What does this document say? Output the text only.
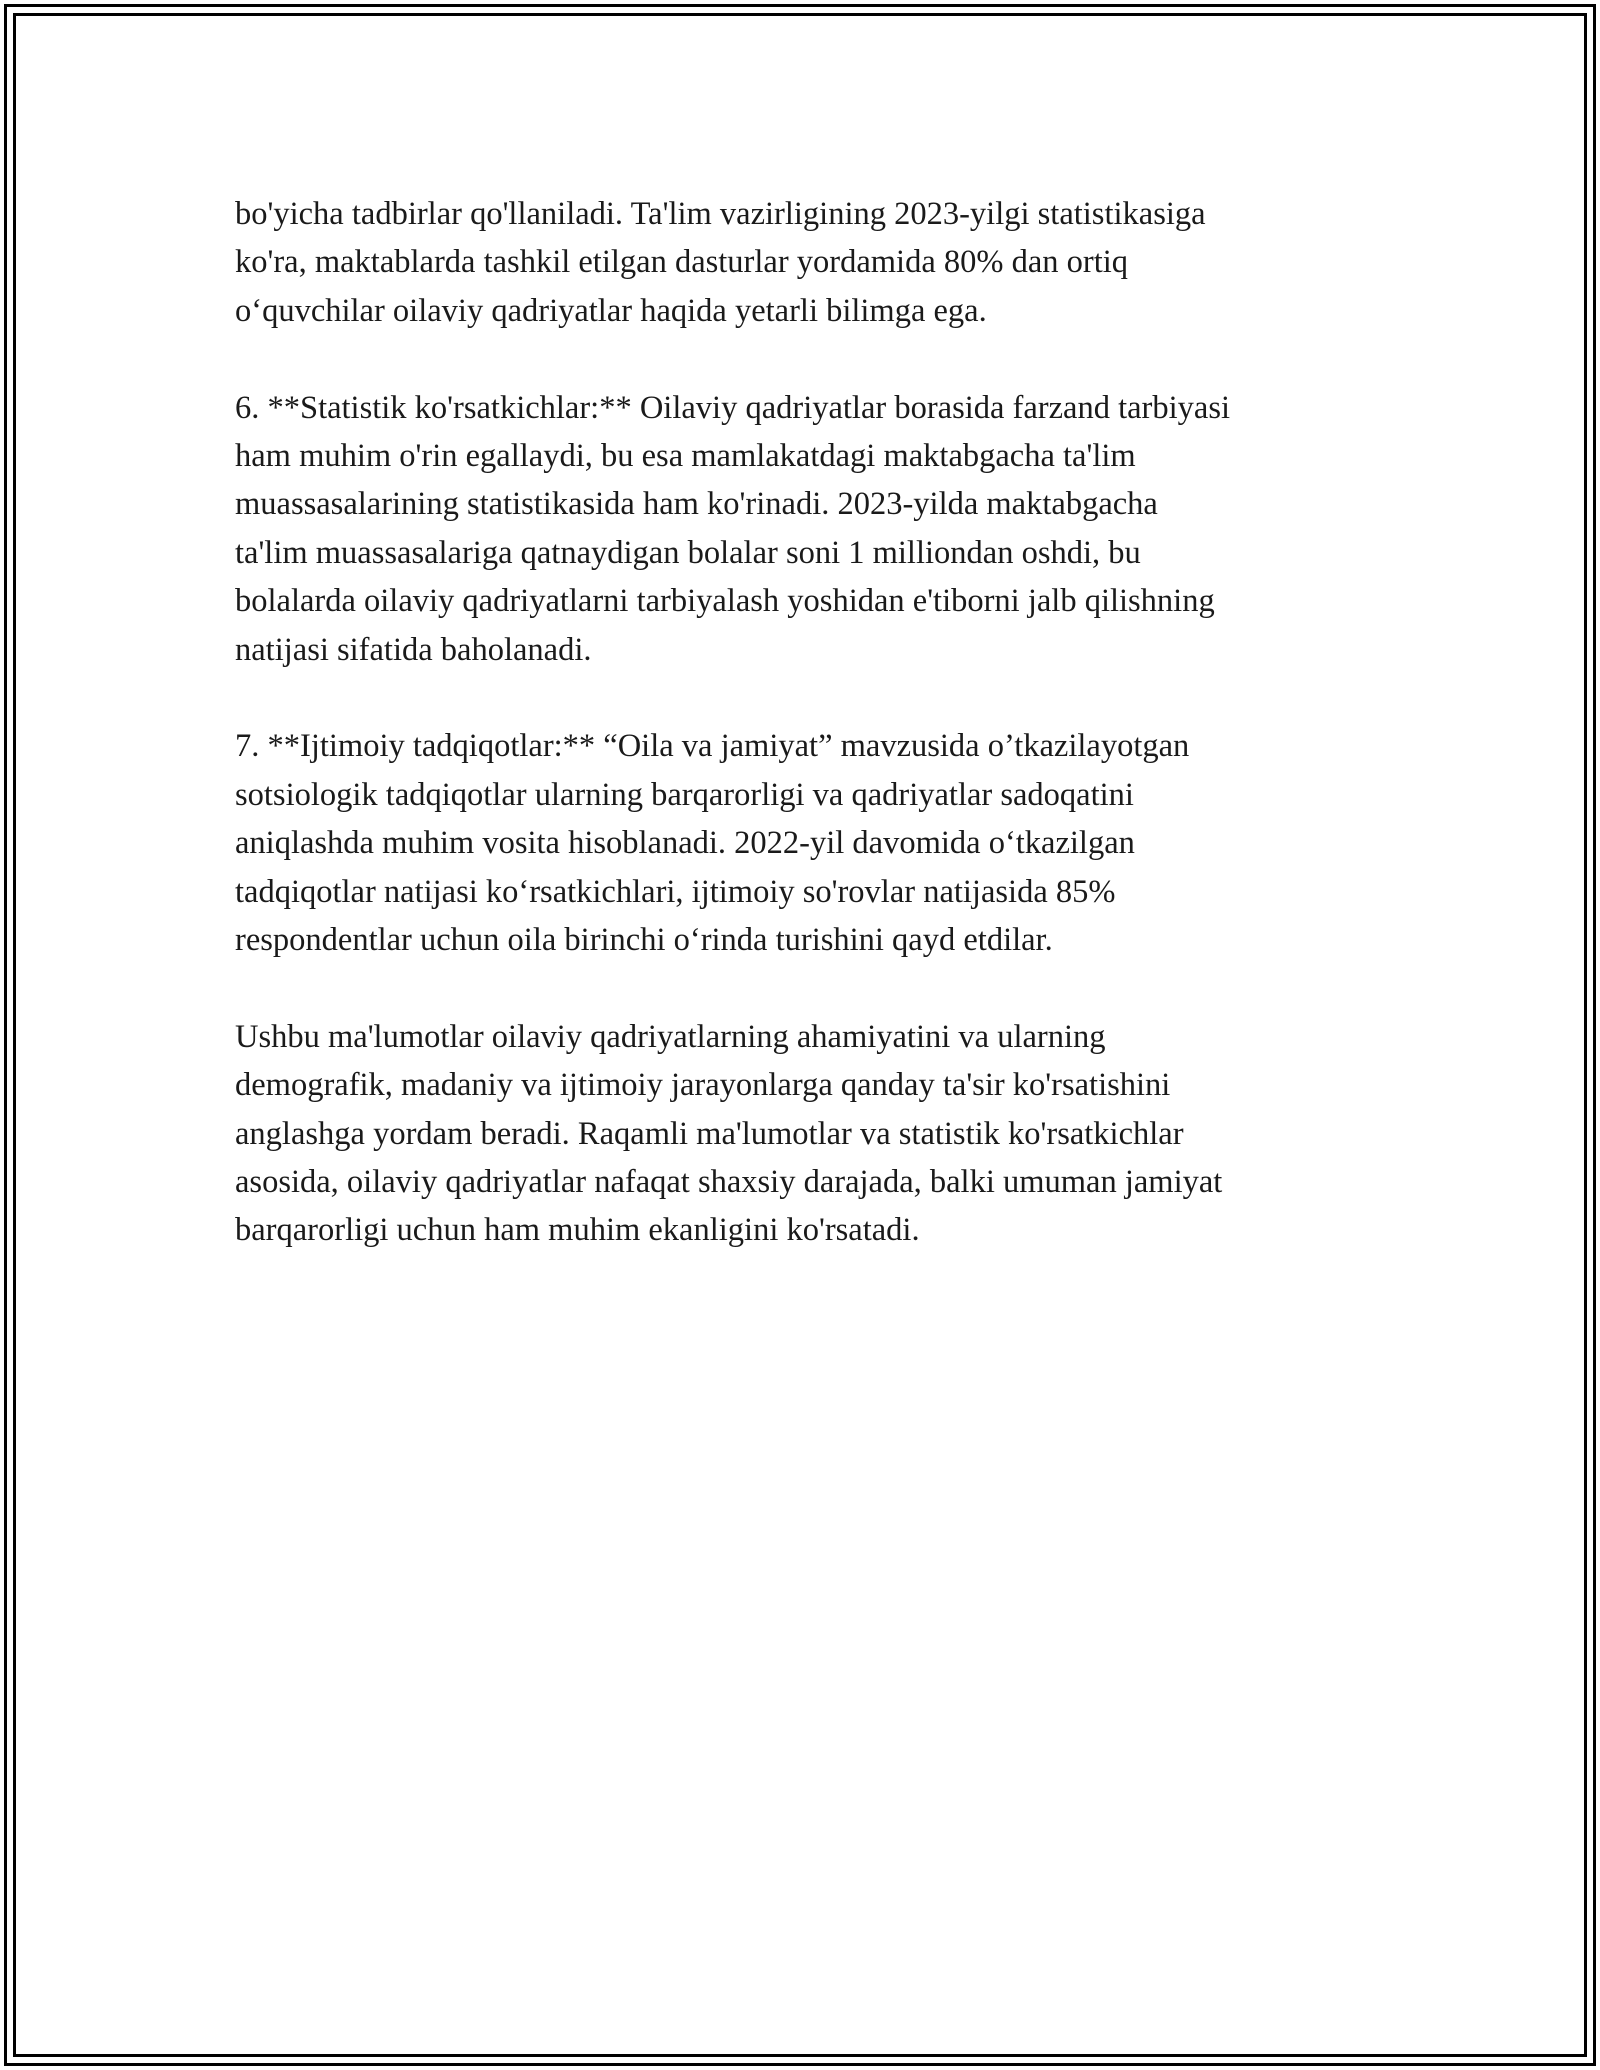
bo'yicha tadbirlar qo'llaniladi. Ta'lim vazirligining 2023-yilgi statistikasiga
ko'ra, maktablarda tashkil etilgan dasturlar yordamida 80% dan ortiq
o‘quvchilar oilaviy qadriyatlar haqida yetarli bilimga ega.

6. **Statistik ko'rsatkichlar:** Oilaviy qadriyatlar borasida farzand tarbiyasi
ham muhim o'rin egallaydi, bu esa mamlakatdagi maktabgacha ta'lim
muassasalarining statistikasida ham ko'rinadi. 2023-yilda maktabgacha
ta'lim muassasalariga qatnaydigan bolalar soni 1 milliondan oshdi, bu
bolalarda oilaviy qadriyatlarni tarbiyalash yoshidan e'tiborni jalb qilishning
natijasi sifatida baholanadi.

7. **Ijtimoiy tadqiqotlar:** “Oila va jamiyat” mavzusida o’tkazilayotgan
sotsiologik tadqiqotlar ularning barqarorligi va qadriyatlar sadoqatini
aniqlashda muhim vosita hisoblanadi. 2022-yil davomida o‘tkazilgan
tadqiqotlar natijasi ko‘rsatkichlari, ijtimoiy so'rovlar natijasida 85%
respondentlar uchun oila birinchi o‘rinda turishini qayd etdilar.

Ushbu ma'lumotlar oilaviy qadriyatlarning ahamiyatini va ularning
demografik, madaniy va ijtimoiy jarayonlarga qanday ta'sir ko'rsatishini
anglashga yordam beradi. Raqamli ma'lumotlar va statistik ko'rsatkichlar
asosida, oilaviy qadriyatlar nafaqat shaxsiy darajada, balki umuman jamiyat
barqarorligi uchun ham muhim ekanligini ko'rsatadi.
